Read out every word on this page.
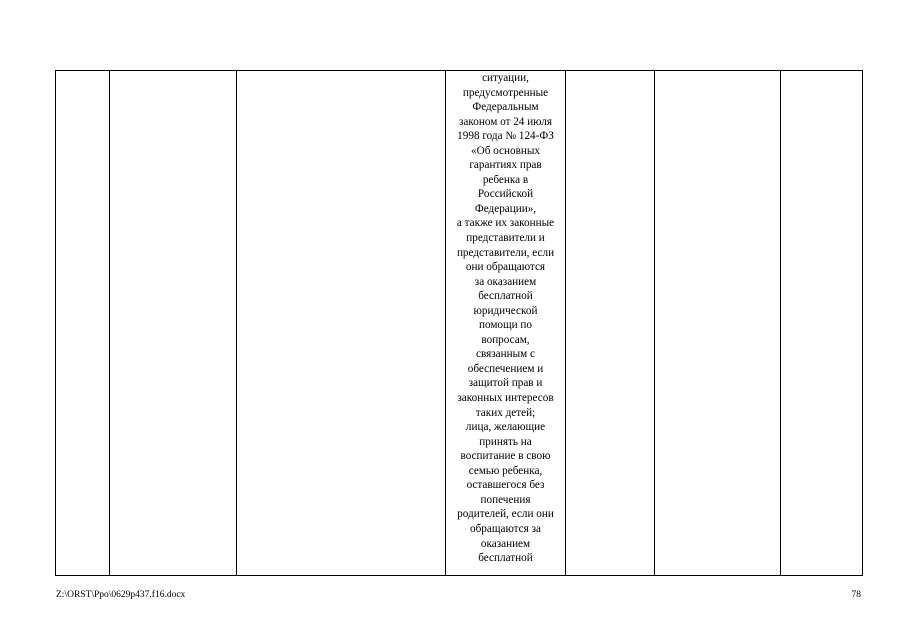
ситуации,
предусмотренные
Федеральным
законом от 24 июля
1998 года № 124-ФЗ
«Об основных
гарантиях прав
ребенка в
Российской
Федерации»,
а также их законные
представители и
представители, если
они обращаются
за оказанием
бесплатной
юридической
помощи по
вопросам,
связанным с
обеспечением и
защитой прав и
законных интересов
таких детей;
лица, желающие
принять на
воспитание в свою
семью ребенка,
оставшегося без
попечения
родителей, если они
обращаются за
оказанием
бесплатной

Z:\ORST\Ppo\0629p437.f16.docx	78
